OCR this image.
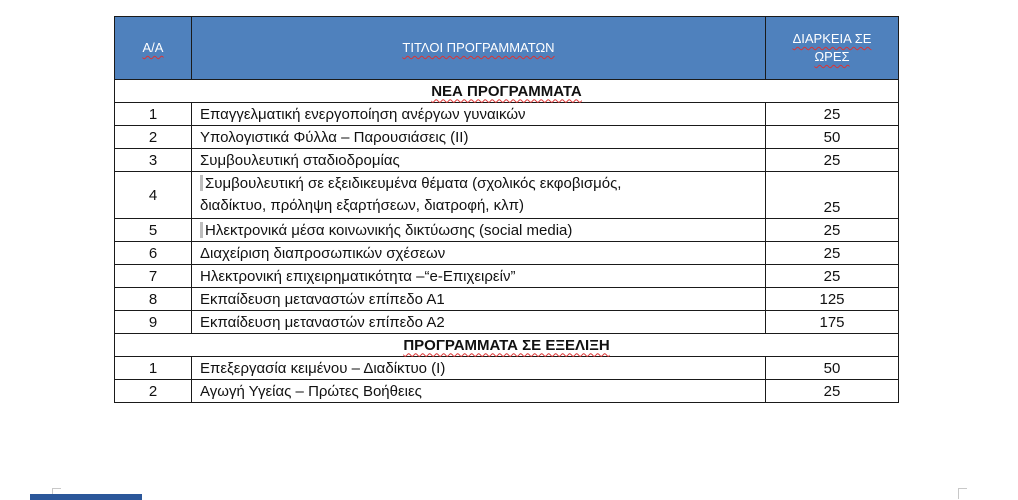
Α/Α	ΤΙΤΛΟΙ ΠΡΟΓΡΑΜΜΑΤΩΝ	ΔΙΑΡΚΕΙΑ ΣΕ
ΩΡΕΣ
ΝΕΑ ΠΡΟΓΡΑΜΜΑΤΑ		
1	Επαγγελματική ενεργοποίηση ανέργων γυναικών	25
2	Υπολογιστικά Φύλλα – Παρουσιάσεις (ΙΙ)	50
3	Συμβουλευτική σταδιοδρομίας	25
4	Συμβουλευτική σε εξειδικευμένα θέματα (σχολικός εκφοβισμός,
διαδίκτυο, πρόληψη εξαρτήσεων, διατροφή, κλπ)	25
5	Ηλεκτρονικά μέσα κοινωνικής δικτύωσης (social media)	25
6	Διαχείριση διαπροσωπικών σχέσεων	25
7	Ηλεκτρονική επιχειρηματικότητα –“e-Επιχειρείν”	25
8	Εκπαίδευση μεταναστών επίπεδο Α1	125
9	Εκπαίδευση μεταναστών επίπεδο Α2	175
ΠΡΟΓΡΑΜΜΑΤΑ ΣΕ ΕΞΕΛΙΞΗ		
1	Επεξεργασία κειμένου – Διαδίκτυο (Ι)	50
2	Αγωγή Υγείας – Πρώτες Βοήθειες	25
